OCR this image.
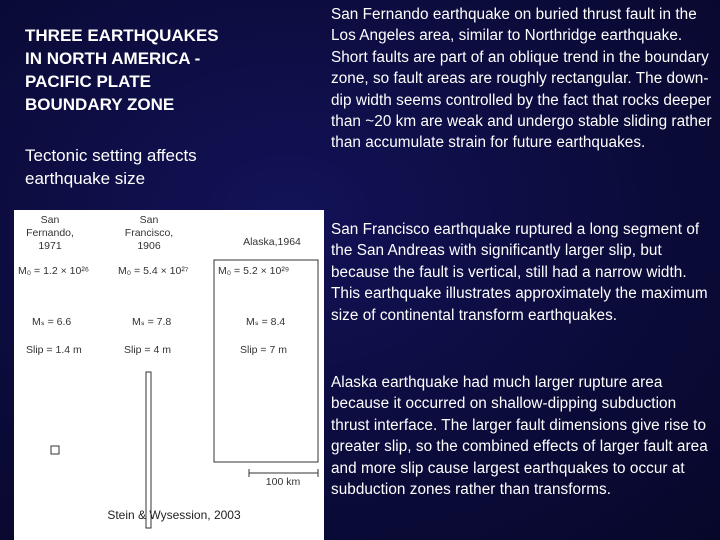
THREE EARTHQUAKES
IN NORTH AMERICA -
PACIFIC PLATE
BOUNDARY ZONE

Tectonic setting affects
earthquake size

San Fernando earthquake on buried thrust fault in the Los Angeles area, similar to Northridge earthquake. Short faults are part of an oblique trend in the boundary zone, so fault areas are roughly rectangular. The down-dip width seems controlled by the fact that rocks deeper than ~20 km are weak and undergo stable sliding rather than accumulate strain for future earthquakes.

San Francisco earthquake ruptured a long segment of the San Andreas with significantly larger slip, but because the fault is vertical, still had a narrow width. This earthquake illustrates approximately the maximum size of continental transform earthquakes.

Alaska earthquake had much larger rupture area because it occurred on shallow-dipping subduction thrust interface. The larger fault dimensions give rise to greater slip, so the combined effects of larger fault area and more slip cause largest earthquakes to occur at subduction zones rather than transforms.

San
Fernando,
1971

M₀ = 1.2 × 10²⁶

Mₛ = 6.6

Slip = 1.4 m

San
Francisco,
1906

M₀ = 5.4 × 10²⁷

Mₛ = 7.8

Slip = 4 m

Alaska,1964

M₀ = 5.2 × 10²⁹

Mₛ = 8.4

Slip = 7 m

100 km

Stein & Wysession, 2003
